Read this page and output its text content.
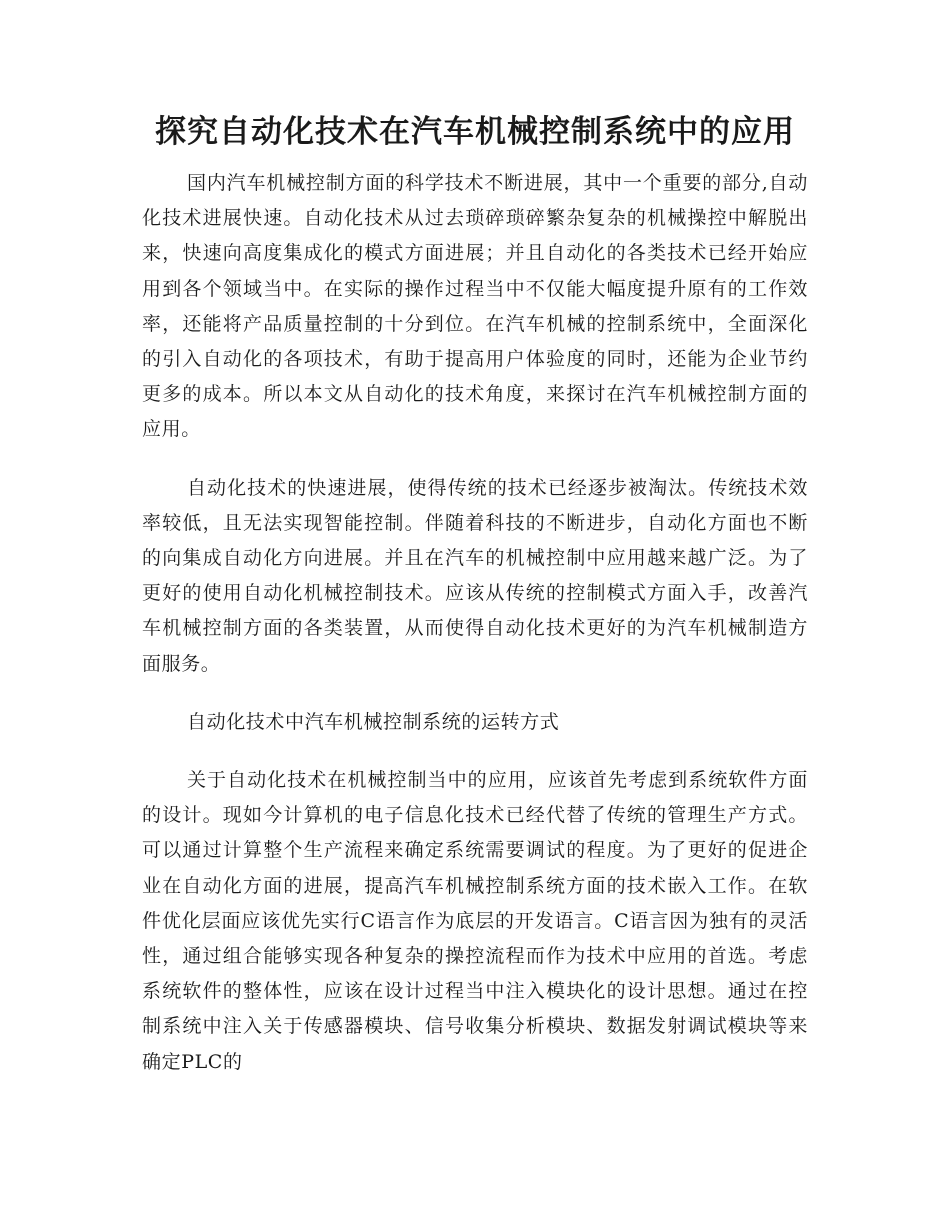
探究自动化技术在汽车机械控制系统中的应用

国内汽车机械控制方面的科学技术不断进展，其中一个重要的部分,自动化技术进展快速。自动化技术从过去琐碎琐碎繁杂复杂的机械操控中解脱出来，快速向高度集成化的模式方面进展；并且自动化的各类技术已经开始应用到各个领域当中。在实际的操作过程当中不仅能大幅度提升原有的工作效率，还能将产品质量控制的十分到位。在汽车机械的控制系统中，全面深化的引入自动化的各项技术，有助于提高用户体验度的同时，还能为企业节约更多的成本。所以本文从自动化的技术角度，来探讨在汽车机械控制方面的应用。

自动化技术的快速进展，使得传统的技术已经逐步被淘汰。传统技术效率较低，且无法实现智能控制。伴随着科技的不断进步，自动化方面也不断的向集成自动化方向进展。并且在汽车的机械控制中应用越来越广泛。为了更好的使用自动化机械控制技术。应该从传统的控制模式方面入手，改善汽车机械控制方面的各类装置，从而使得自动化技术更好的为汽车机械制造方面服务。

自动化技术中汽车机械控制系统的运转方式

关于自动化技术在机械控制当中的应用，应该首先考虑到系统软件方面的设计。现如今计算机的电子信息化技术已经代替了传统的管理生产方式。可以通过计算整个生产流程来确定系统需要调试的程度。为了更好的促进企业在自动化方面的进展，提高汽车机械控制系统方面的技术嵌入工作。在软件优化层面应该优先实行C语言作为底层的开发语言。C语言因为独有的灵活性，通过组合能够实现各种复杂的操控流程而作为技术中应用的首选。考虑系统软件的整体性，应该在设计过程当中注入模块化的设计思想。通过在控制系统中注入关于传感器模块、信号收集分析模块、数据发射调试模块等来确定PLC的
